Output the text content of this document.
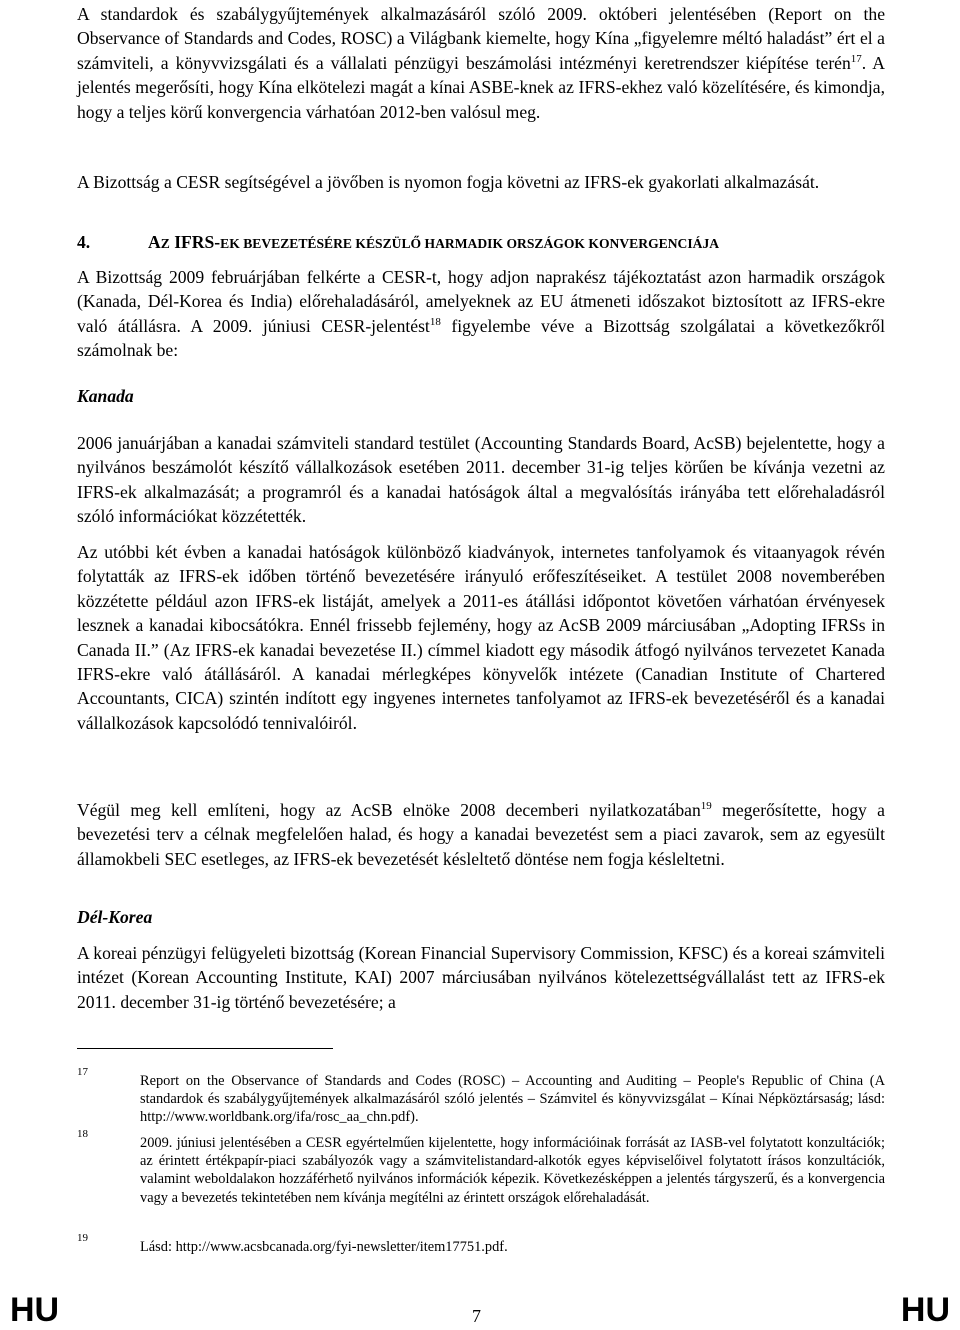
A standardok és szabálygyűjtemények alkalmazásáról szóló 2009. októberi jelentésében (Report on the Observance of Standards and Codes, ROSC) a Világbank kiemelte, hogy Kína „figyelemre méltó haladást” ért el a számviteli, a könyvvizsgálati és a vállalati pénzügyi beszámolási intézményi keretrendszer kiépítése terén$^{17}$. A jelentés megerősíti, hogy Kína elkötelezi magát a kínai ASBE-knek az IFRS-ekhez való közelítésére, és kimondja, hogy a teljes körű konvergencia várhatóan 2012-ben valósul meg.

A Bizottság a CESR segítségével a jövőben is nyomon fogja követni az IFRS-ek gyakorlati alkalmazását.

4.	AZ IFRS-EK BEVEZETÉSÉRE KÉSZÜLŐ HARMADIK ORSZÁGOK KONVERGENCIÁJA

A Bizottság 2009 februárjában felkérte a CESR-t, hogy adjon naprakész tájékoztatást azon harmadik országok (Kanada, Dél-Korea és India) előrehaladásáról, amelyeknek az EU átmeneti időszakot biztosított az IFRS-ekre való átállásra. A 2009. júniusi CESR-jelentést$^{18}$ figyelembe véve a Bizottság szolgálatai a következőkről számolnak be:

Kanada

2006 januárjában a kanadai számviteli standard testület (Accounting Standards Board, AcSB) bejelentette, hogy a nyilvános beszámolót készítő vállalkozások esetében 2011. december 31-ig teljes körűen be kívánja vezetni az IFRS-ek alkalmazását; a programról és a kanadai hatóságok által a megvalósítás irányába tett előrehaladásról szóló információkat közzétették.

Az utóbbi két évben a kanadai hatóságok különböző kiadványok, internetes tanfolyamok és vitaanyagok révén folytatták az IFRS-ek időben történő bevezetésére irányuló erőfeszítéseiket. A testület 2008 novemberében közzétette például azon IFRS-ek listáját, amelyek a 2011-es átállási időpontot követően várhatóan érvényesek lesznek a kanadai kibocsátókra. Ennél frissebb fejlemény, hogy az AcSB 2009 márciusában „Adopting IFRSs in Canada II.” (Az IFRS-ek kanadai bevezetése II.) címmel kiadott egy második átfogó nyilvános tervezetet Kanada IFRS-ekre való átállásáról. A kanadai mérlegképes könyvelők intézete (Canadian Institute of Chartered Accountants, CICA) szintén indított egy ingyenes internetes tanfolyamot az IFRS-ek bevezetéséről és a kanadai vállalkozások kapcsolódó tennivalóiról.

Végül meg kell említeni, hogy az AcSB elnöke 2008 decemberi nyilatkozatában$^{19}$ megerősítette, hogy a bevezetési terv a célnak megfelelően halad, és hogy a kanadai bevezetést sem a piaci zavarok, sem az egyesült államokbeli SEC esetleges, az IFRS-ek bevezetését késleltető döntése nem fogja késleltetni.

Dél-Korea

A koreai pénzügyi felügyeleti bizottság (Korean Financial Supervisory Commission, KFSC) és a koreai számviteli intézet (Korean Accounting Institute, KAI) 2007 márciusában nyilvános kötelezettségvállalást tett az IFRS-ek 2011. december 31-ig történő bevezetésére; a

17
Report on the Observance of Standards and Codes (ROSC) – Accounting and Auditing – People's Republic of China (A standardok és szabálygyűjtemények alkalmazásáról szóló jelentés – Számvitel és könyvvizsgálat – Kínai Népköztársaság; lásd: http://www.worldbank.org/ifa/rosc_aa_chn.pdf).
18
2009. júniusi jelentésében a CESR egyértelműen kijelentette, hogy információinak forrását az IASB-vel folytatott konzultációk; az érintett értékpapír-piaci szabályozók vagy a számvitelistandard-alkotók egyes képviselőivel folytatott írásos konzultációk, valamint weboldalakon hozzáférhető nyilvános információk képezik. Következésképpen a jelentés tárgyszerű, és a konvergencia vagy a bevezetés tekintetében nem kívánja megítélni az érintett országok előrehaladását.
19
Lásd: http://www.acsbcanada.org/fyi-newsletter/item17751.pdf.
HU	7	HU
